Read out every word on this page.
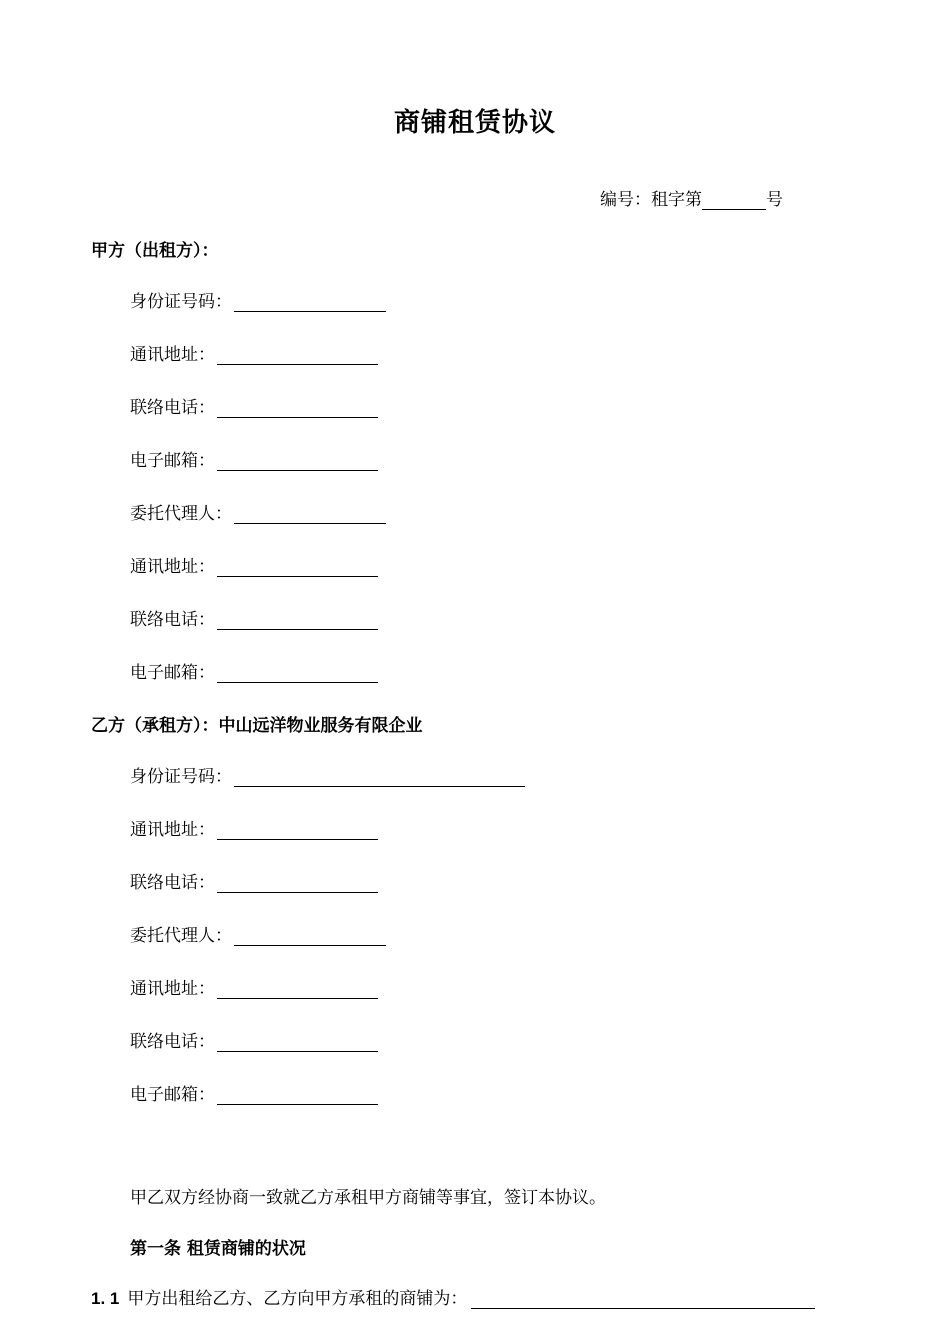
商铺租赁协议
编号：租字第	号
甲方（出租方）：
身份证号码：
通讯地址：
联络电话：
电子邮箱：
委托代理人：
通讯地址：
联络电话：
电子邮箱：
乙方（承租方）：中山远洋物业服务有限企业
身份证号码：
通讯地址：
联络电话：
委托代理人：
通讯地址：
联络电话：
电子邮箱：
甲乙双方经协商一致就乙方承租甲方商铺等事宜，签订本协议。
第一条 租赁商铺的状况
1. 1 甲方出租给乙方、乙方向甲方承租的商铺为：
